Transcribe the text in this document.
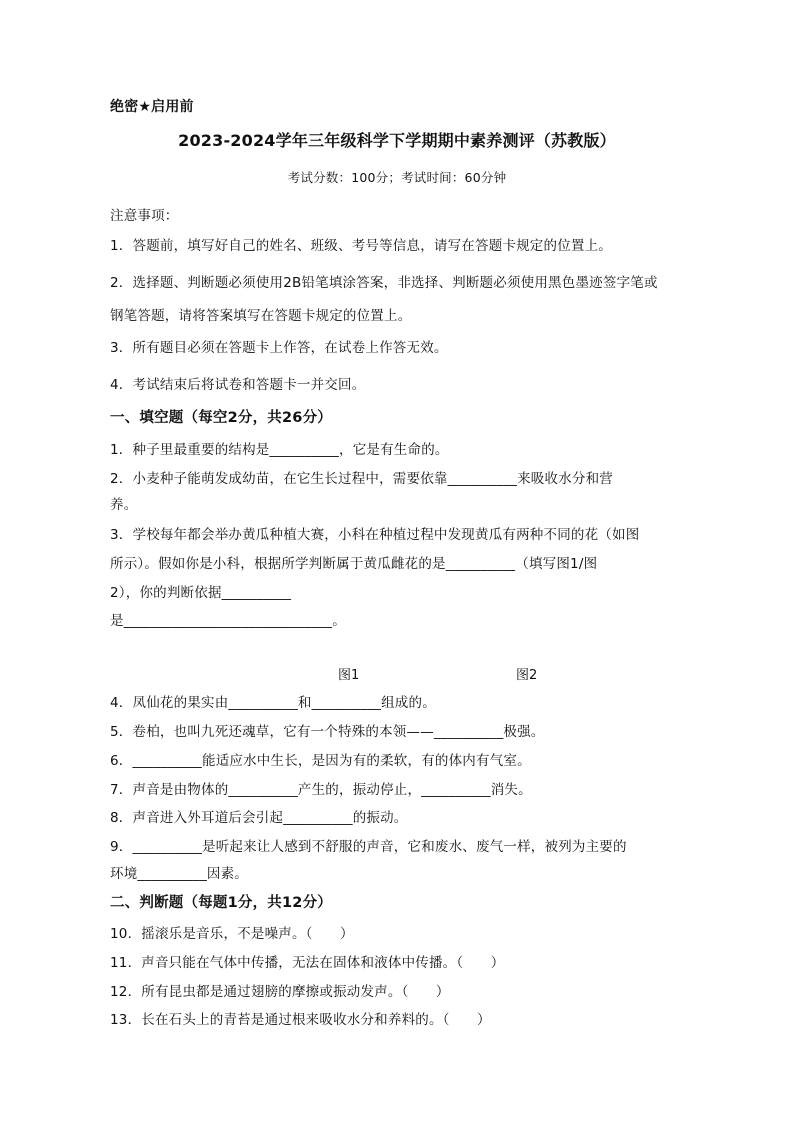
绝密★启用前
2023-2024学年三年级科学下学期期中素养测评（苏教版）
考试分数：100分；考试时间：60分钟
注意事项：
1．答题前，填写好自己的姓名、班级、考号等信息，请写在答题卡规定的位置上。
2．选择题、判断题必须使用2B铅笔填涂答案，非选择、判断题必须使用黑色墨迹签字笔或
钢笔答题，请将答案填写在答题卡规定的位置上。
3．所有题目必须在答题卡上作答，在试卷上作答无效。
4．考试结束后将试卷和答题卡一并交回。
一、填空题（每空2分，共26分）
1．种子里最重要的结构是__________，它是有生命的。
2．小麦种子能萌发成幼苗，在它生长过程中，需要依靠__________来吸收水分和营
养。
3．学校每年都会举办黄瓜种植大赛，小科在种植过程中发现黄瓜有两种不同的花（如图
所示）。假如你是小科，根据所学判断属于黄瓜雌花的是__________（填写图1/图
2），你的判断依据__________
是______________________________。
图1	图2
4．凤仙花的果实由__________和__________组成的。
5．卷柏，也叫九死还魂草，它有一个特殊的本领——__________极强。
6．__________能适应水中生长，是因为有的柔软，有的体内有气室。
7．声音是由物体的__________产生的，振动停止，__________消失。
8．声音进入外耳道后会引起__________的振动。
9．__________是听起来让人感到不舒服的声音，它和废水、废气一样，被列为主要的
环境__________因素。
二、判断题（每题1分，共12分）
10．摇滚乐是音乐，不是噪声。（　　）
11．声音只能在气体中传播，无法在固体和液体中传播。（　　）
12．所有昆虫都是通过翅膀的摩擦或振动发声。（　　）
13．长在石头上的青苔是通过根来吸收水分和养料的。（　　）
